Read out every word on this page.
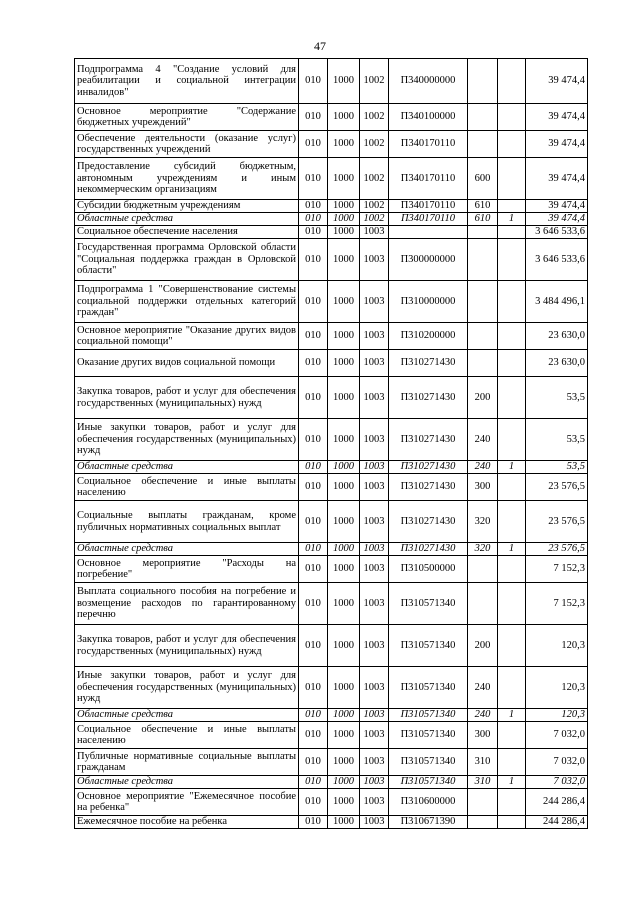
47
Подпрограмма 4 "Создание условий для реабилитации и социальной интеграции инвалидов"	010	1000	1002	П340000000			39 474,4
Основное мероприятие "Содержание бюджетных учреждений"	010	1000	1002	П340100000			39 474,4
Обеспечение деятельности (оказание услуг) государственных учреждений	010	1000	1002	П340170110			39 474,4
Предоставление субсидий бюджетным, автономным учреждениям и иным некоммерческим организациям	010	1000	1002	П340170110	600		39 474,4
Субсидии бюджетным учреждениям	010	1000	1002	П340170110	610		39 474,4
Областные средства	010	1000	1002	П340170110	610	1	39 474,4
Социальное обеспечение населения	010	1000	1003				3 646 533,6
Государственная программа Орловской области "Социальная поддержка граждан в Орловской области"	010	1000	1003	П300000000			3 646 533,6
Подпрограмма 1 "Совершенствование системы социальной поддержки отдельных категорий граждан"	010	1000	1003	П310000000			3 484 496,1
Основное мероприятие "Оказание других видов социальной помощи"	010	1000	1003	П310200000			23 630,0
Оказание других видов социальной помощи	010	1000	1003	П310271430			23 630,0
Закупка товаров, работ и услуг для обеспечения государственных (муниципальных) нужд	010	1000	1003	П310271430	200		53,5
Иные закупки товаров, работ и услуг для обеспечения государственных (муниципальных) нужд	010	1000	1003	П310271430	240		53,5
Областные средства	010	1000	1003	П310271430	240	1	53,5
Социальное обеспечение и иные выплаты населению	010	1000	1003	П310271430	300		23 576,5
Социальные выплаты гражданам, кроме публичных нормативных социальных выплат	010	1000	1003	П310271430	320		23 576,5
Областные средства	010	1000	1003	П310271430	320	1	23 576,5
Основное мероприятие "Расходы на погребение"	010	1000	1003	П310500000			7 152,3
Выплата социального пособия на погребение и возмещение расходов по гарантированному перечню	010	1000	1003	П310571340			7 152,3
Закупка товаров, работ и услуг для обеспечения государственных (муниципальных) нужд	010	1000	1003	П310571340	200		120,3
Иные закупки товаров, работ и услуг для обеспечения государственных (муниципальных) нужд	010	1000	1003	П310571340	240		120,3
Областные средства	010	1000	1003	П310571340	240	1	120,3
Социальное обеспечение и иные выплаты населению	010	1000	1003	П310571340	300		7 032,0
Публичные нормативные социальные выплаты гражданам	010	1000	1003	П310571340	310		7 032,0
Областные средства	010	1000	1003	П310571340	310	1	7 032,0
Основное мероприятие "Ежемесячное пособие на ребенка"	010	1000	1003	П310600000			244 286,4
Ежемесячное пособие на ребенка	010	1000	1003	П310671390			244 286,4
